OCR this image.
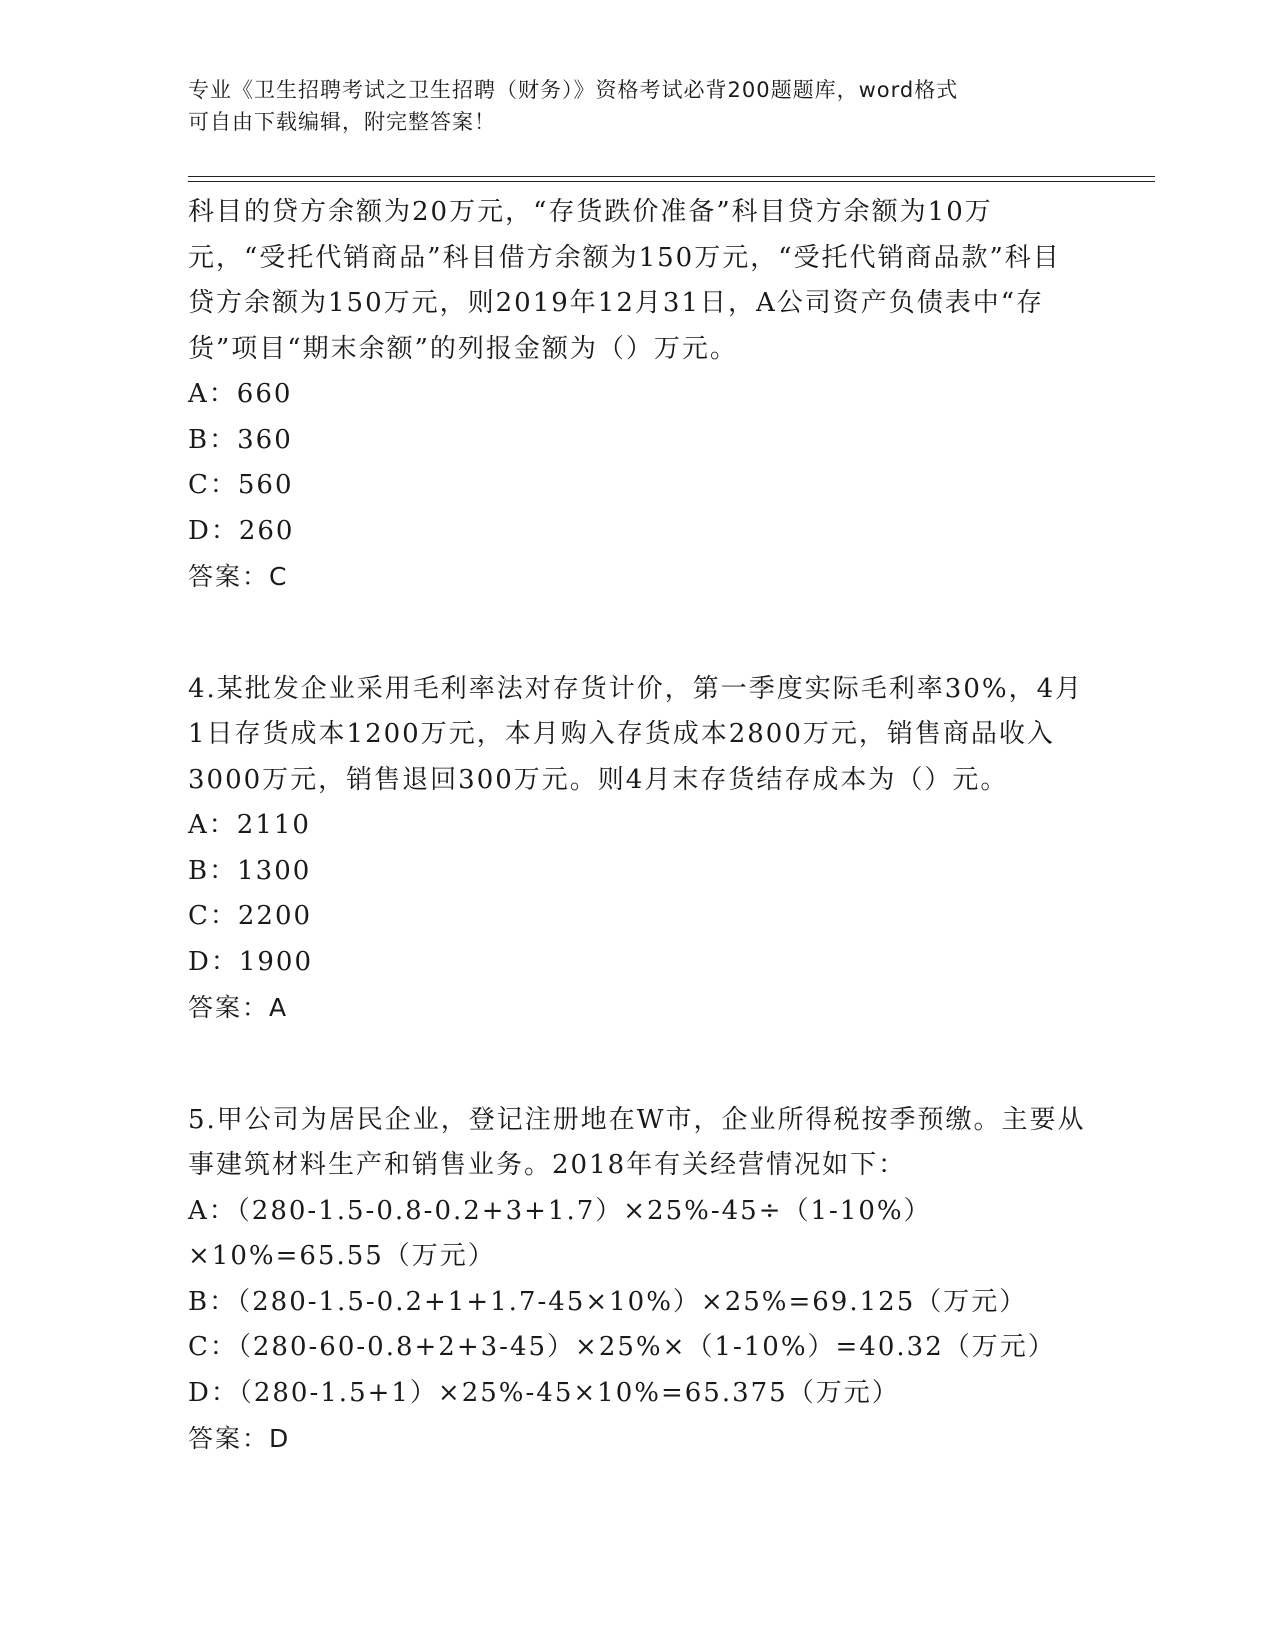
专业《卫生招聘考试之卫生招聘（财务）》资格考试必背200题题库，word格式
可自由下载编辑，附完整答案！

科目的贷方余额为20万元，“存货跌价准备”科目贷方余额为10万元，“受托代销商品”科目借方余额为150万元，“受托代销商品款”科目贷方余额为150万元，则2019年12月31日，A公司资产负债表中“存货”项目“期末余额”的列报金额为（）万元。

A：660

B：360

C：560

D：260

答案：C

4.某批发企业采用毛利率法对存货计价，第一季度实际毛利率30%，4月1日存货成本1200万元，本月购入存货成本2800万元，销售商品收入3000万元，销售退回300万元。则4月末存货结存成本为（）元。

A：2110

B：1300

C：2200

D：1900

答案：A

5.甲公司为居民企业，登记注册地在W市，企业所得税按季预缴。主要从事建筑材料生产和销售业务。2018年有关经营情况如下：

A：（280-1.5-0.8-0.2+3+1.7）×25%-45÷（1-10%）×10%=65.55（万元）

B：（280-1.5-0.2+1+1.7-45×10%）×25%=69.125（万元）

C：（280-60-0.8+2+3-45）×25%×（1-10%）=40.32（万元）

D：（280-1.5+1）×25%-45×10%=65.375（万元）

答案：D
